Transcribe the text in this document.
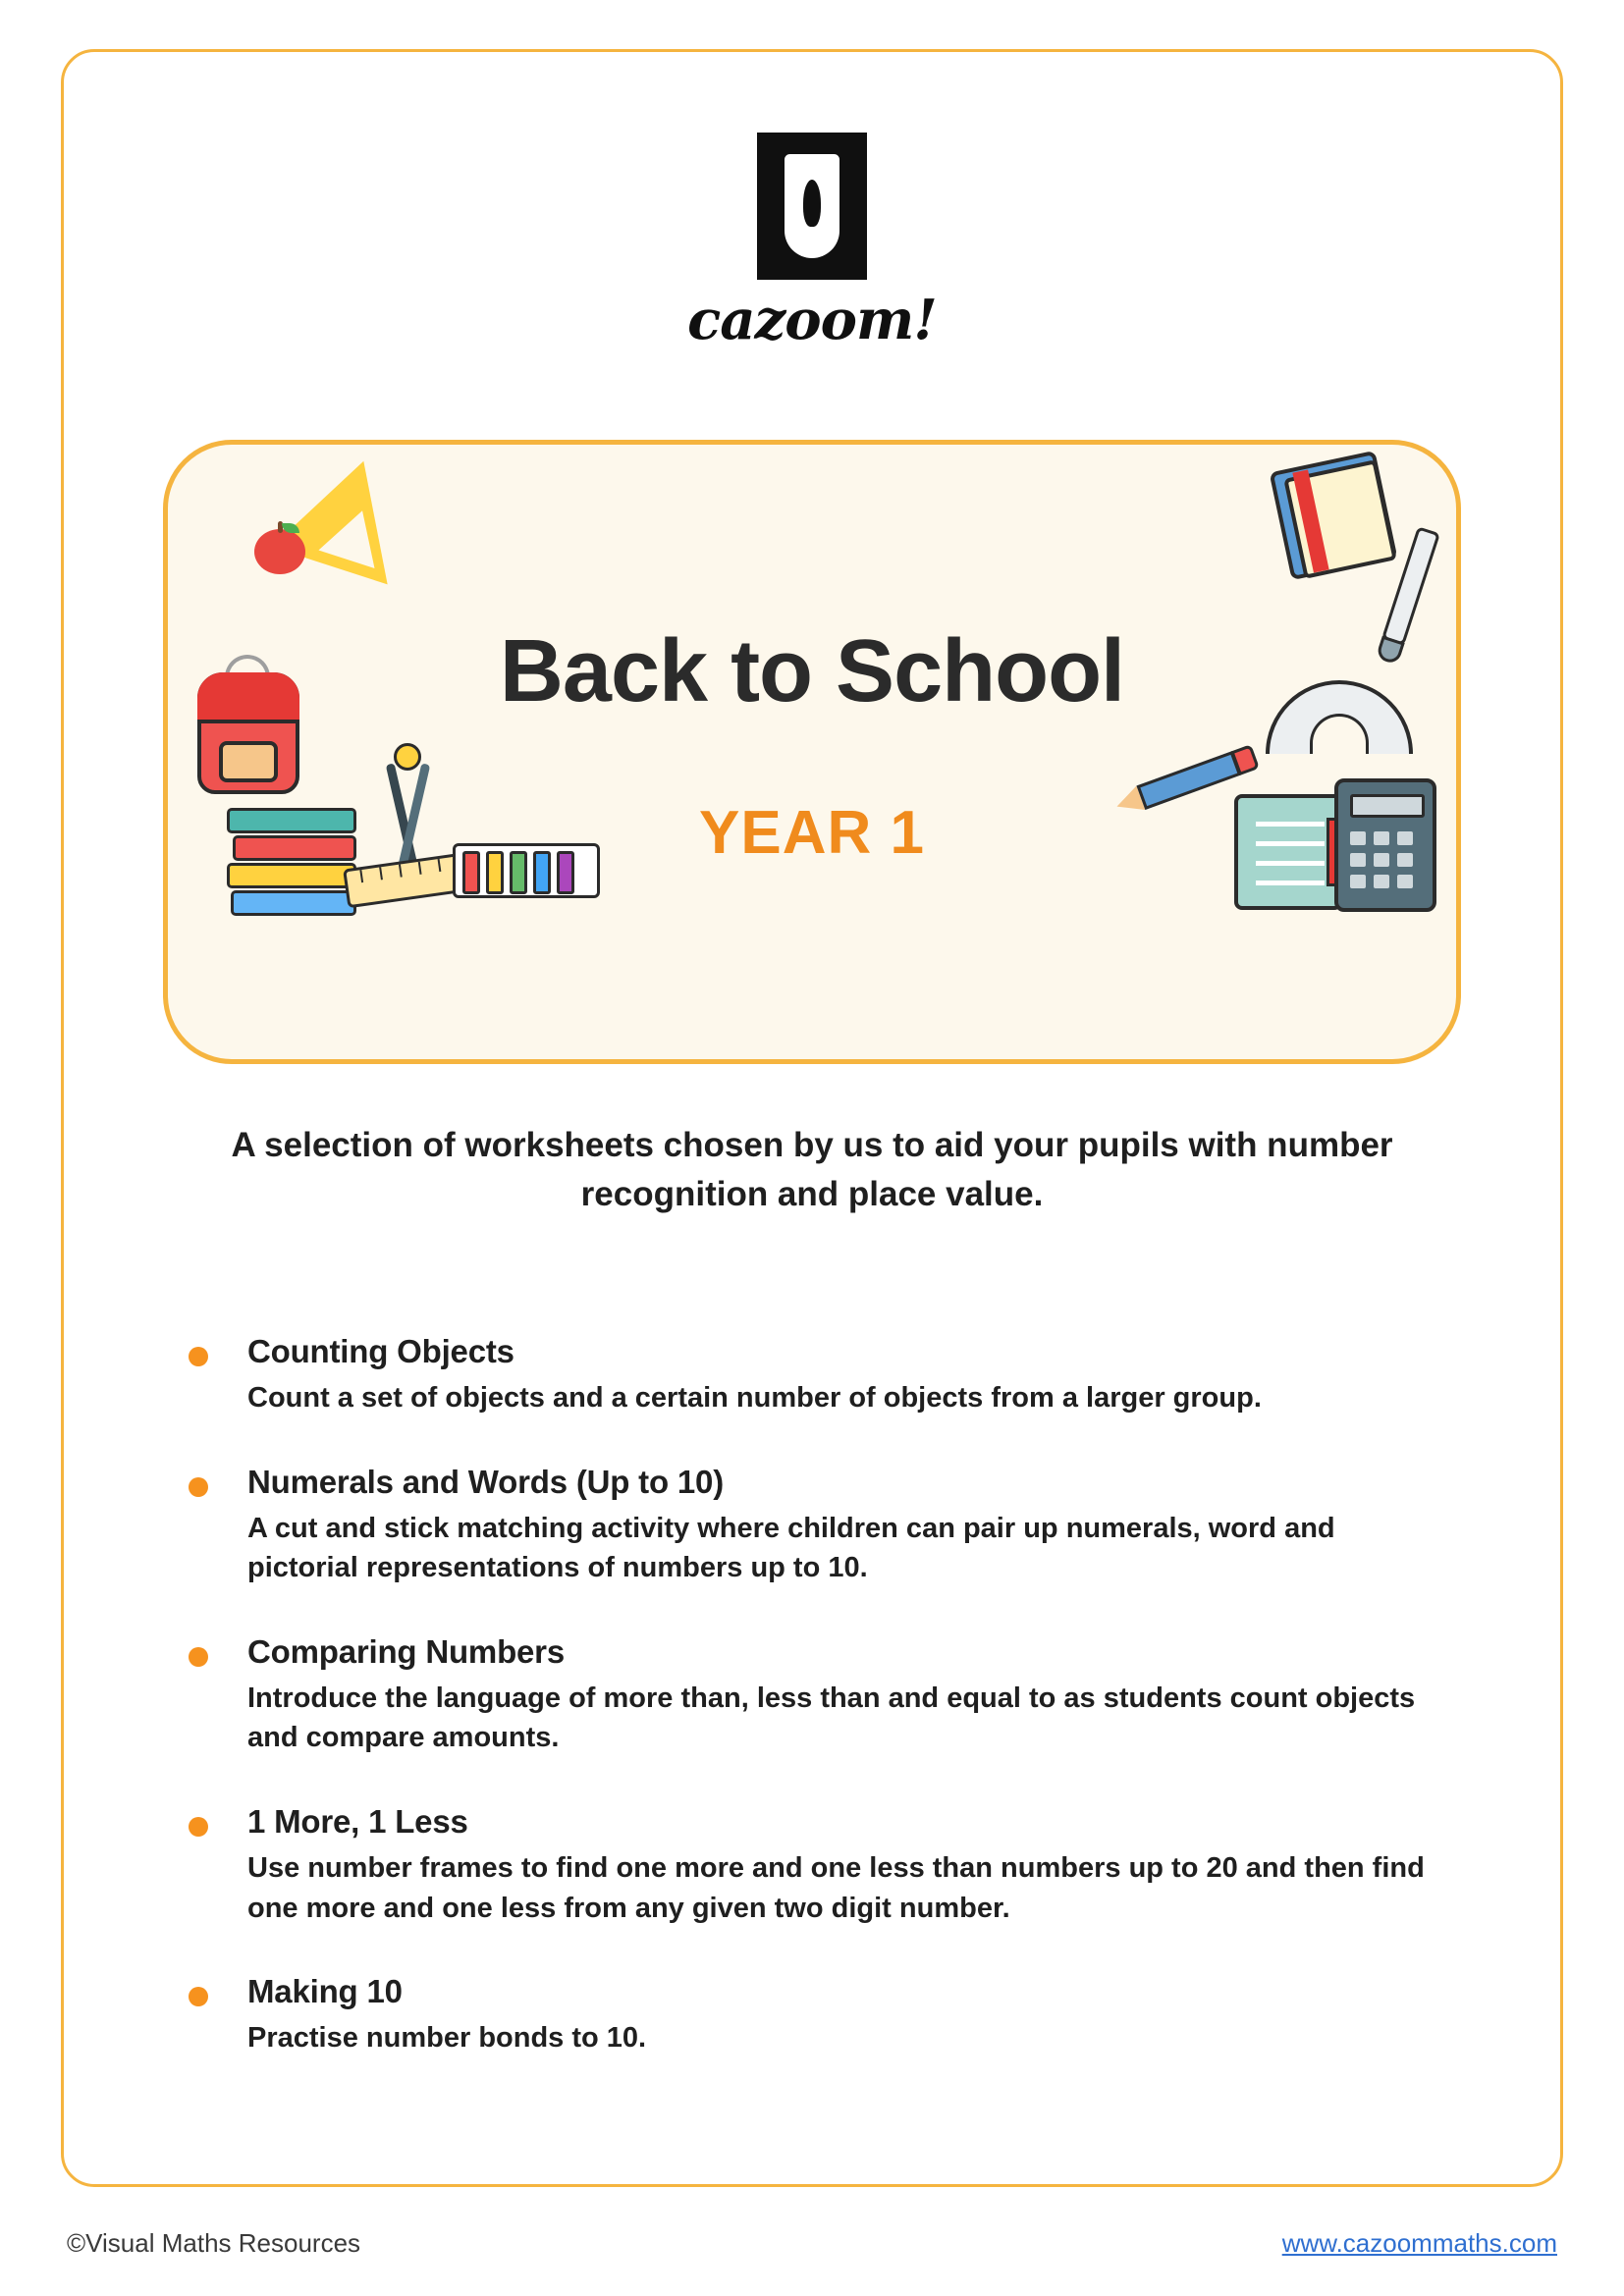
cazoom!
Back to School
YEAR 1
A selection of worksheets chosen by us to aid your pupils with number recognition and place value.
Counting Objects
Count a set of objects and a certain number of objects from a larger group.
Numerals and Words (Up to 10)
A cut and stick matching activity where children can pair up numerals, word and pictorial representations of numbers up to 10.
Comparing Numbers
Introduce the language of more than, less than and equal to as students count objects and compare amounts.
1 More, 1 Less
Use number frames to find one more and one less than numbers up to 20 and then find one more and one less from any given two digit number.
Making 10
Practise number bonds to 10.
©Visual Maths Resources	www.cazoommaths.com
